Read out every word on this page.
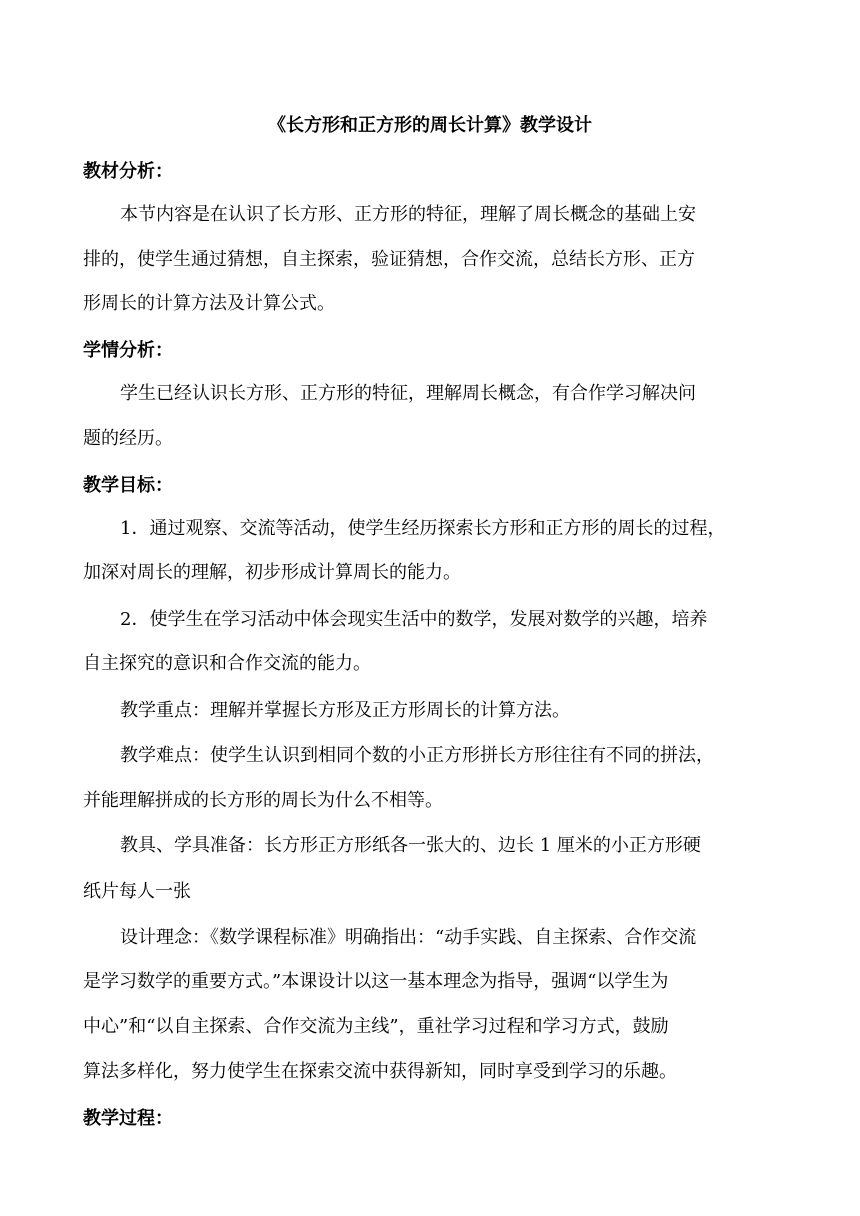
《长方形和正方形的周长计算》教学设计
教材分析：
本节内容是在认识了长方形、正方形的特征，理解了周长概念的基础上安
排的，使学生通过猜想，自主探索，验证猜想，合作交流，总结长方形、正方
形周长的计算方法及计算公式。
学情分析：
学生已经认识长方形、正方形的特征，理解周长概念，有合作学习解决问
题的经历。
教学目标：
1．通过观察、交流等活动，使学生经历探索长方形和正方形的周长的过程，
加深对周长的理解，初步形成计算周长的能力。
2．使学生在学习活动中体会现实生活中的数学，发展对数学的兴趣，培养
自主探究的意识和合作交流的能力。
教学重点：理解并掌握长方形及正方形周长的计算方法。
教学难点：使学生认识到相同个数的小正方形拼长方形往往有不同的拼法，
并能理解拼成的长方形的周长为什么不相等。
教具、学具准备：长方形正方形纸各一张大的、边长 1 厘米的小正方形硬
纸片每人一张
设计理念：《数学课程标准》明确指出：“动手实践、自主探索、合作交流
是学习数学的重要方式。”本课设计以这一基本理念为指导，强调“以学生为
中心”和“以自主探索、合作交流为主线”，重社学习过程和学习方式，鼓励
算法多样化，努力使学生在探索交流中获得新知，同时享受到学习的乐趣。
教学过程：
